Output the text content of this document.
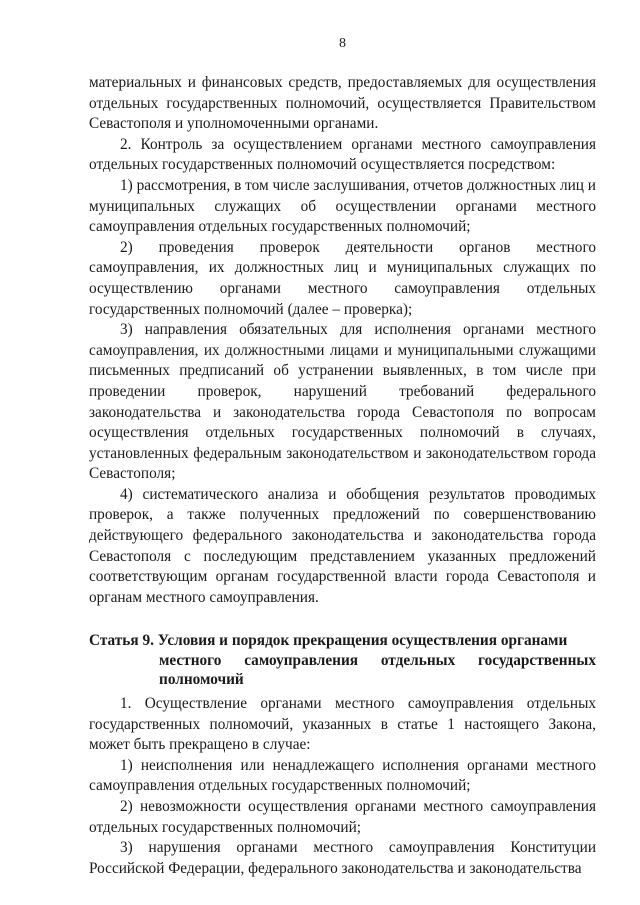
8

материальных и финансовых средств, предоставляемых для осуществления отдельных государственных полномочий, осуществляется Правительством Севастополя и уполномоченными органами.

2. Контроль за осуществлением органами местного самоуправления отдельных государственных полномочий осуществляется посредством:

1) рассмотрения, в том числе заслушивания, отчетов должностных лиц и муниципальных служащих об осуществлении органами местного самоуправления отдельных государственных полномочий;

2) проведения проверок деятельности органов местного самоуправления, их должностных лиц и муниципальных служащих по осуществлению органами местного самоуправления отдельных государственных полномочий (далее – проверка);

3) направления обязательных для исполнения органами местного самоуправления, их должностными лицами и муниципальными служащими письменных предписаний об устранении выявленных, в том числе при проведении проверок, нарушений требований федерального законодательства и законодательства города Севастополя по вопросам осуществления отдельных государственных полномочий в случаях, установленных федеральным законодательством и законодательством города Севастополя;

4) систематического анализа и обобщения результатов проводимых проверок, а также полученных предложений по совершенствованию действующего федерального законодательства и законодательства города Севастополя с последующим представлением указанных предложений соответствующим органам государственной власти города Севастополя и органам местного самоуправления.

Статья 9. Условия и порядок прекращения осуществления органами
местного самоуправления отдельных государственных полномочий

1. Осуществление органами местного самоуправления отдельных государственных полномочий, указанных в статье 1 настоящего Закона, может быть прекращено в случае:

1) неисполнения или ненадлежащего исполнения органами местного самоуправления отдельных государственных полномочий;

2) невозможности осуществления органами местного самоуправления отдельных государственных полномочий;

3) нарушения органами местного самоуправления Конституции Российской Федерации, федерального законодательства и законодательства
